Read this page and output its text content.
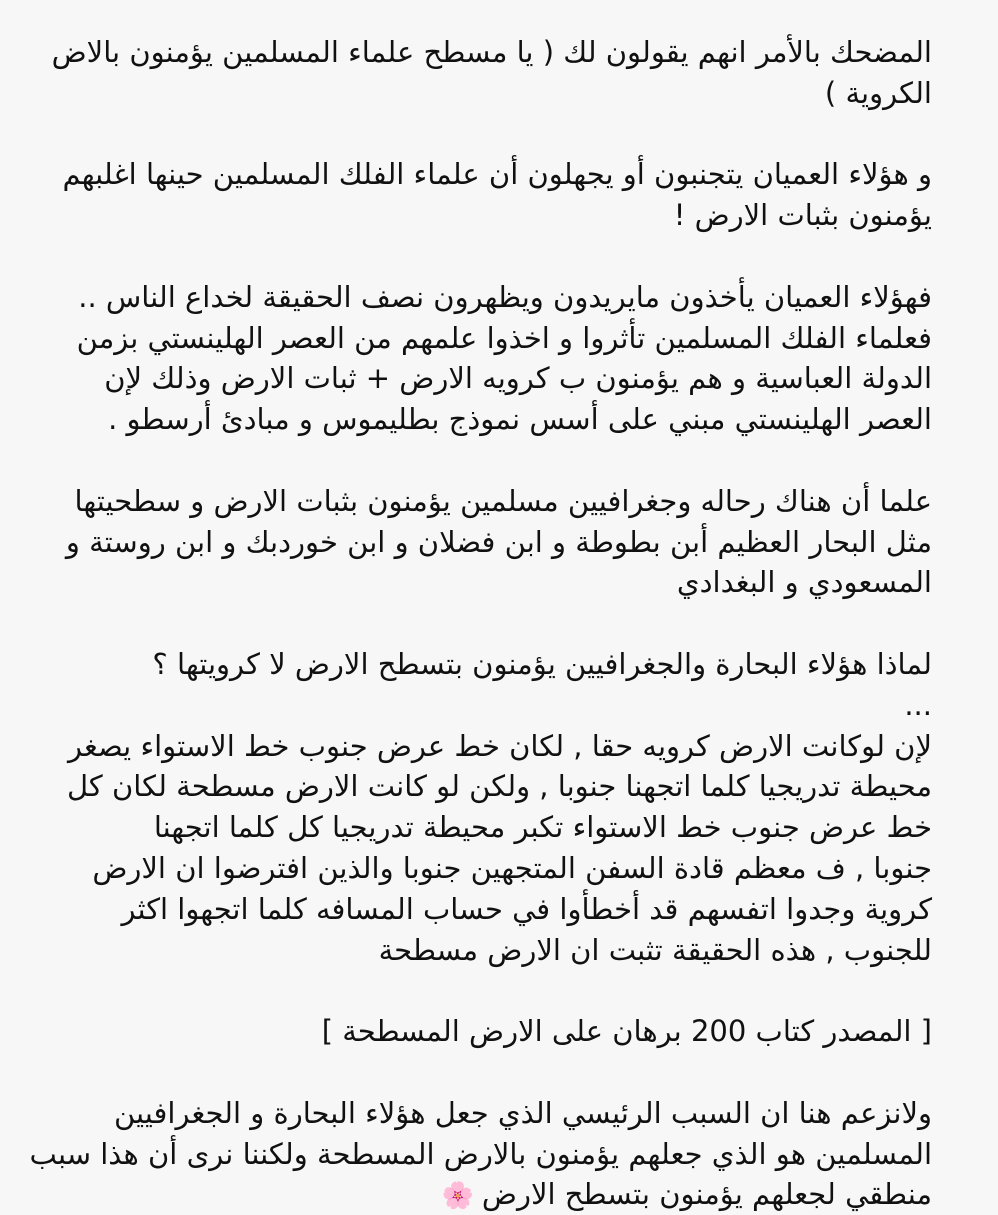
المضحك بالأمر انهم يقولون لك ( يا مسطح علماء المسلمين يؤمنون بالاض
الكروية )

و هؤلاء العميان يتجنبون أو يجهلون أن علماء الفلك المسلمين حينها اغلبهم
يؤمنون بثبات الارض !

فهؤلاء العميان يأخذون مايريدون ويظهرون نصف الحقيقة لخداع الناس ..
فعلماء الفلك المسلمين تأثروا و اخذوا علمهم من العصر الهلينستي بزمن
الدولة العباسية و هم يؤمنون ب كرويه الارض + ثبات الارض وذلك لإن
العصر الهلينستي مبني على أسس نموذج بطليموس و مبادئ أرسطو .

علما أن هناك رحاله وجغرافيين مسلمين يؤمنون بثبات الارض و سطحيتها
مثل البحار العظيم أبن بطوطة و ابن فضلان و ابن خوردبك و ابن روستة و
المسعودي و البغدادي

لماذا هؤلاء البحارة والجغرافيين يؤمنون بتسطح الارض لا كرويتها ؟
...
لإن لوكانت الارض كرويه حقا , لكان خط عرض جنوب خط الاستواء يصغر
محيطة تدريجيا كلما اتجهنا جنوبا , ولكن لو كانت الارض مسطحة لكان كل
خط عرض جنوب خط الاستواء تكبر محيطة تدريجيا كل كلما اتجهنا
جنوبا , ف معظم قادة السفن المتجهين جنوبا والذين افترضوا ان الارض
كروية وجدوا اتفسهم قد أخطأوا في حساب المسافه كلما اتجهوا اكثر
للجنوب , هذه الحقيقة تثبت ان الارض مسطحة

[ المصدر كتاب 200 برهان على الارض المسطحة ]

ولانزعم هنا ان السبب الرئيسي الذي جعل هؤلاء البحارة و الجغرافيين
المسلمين هو الذي جعلهم يؤمنون بالارض المسطحة ولكننا نرى أن هذا سبب
منطقي لجعلهم يؤمنون بتسطح الارض🌸
